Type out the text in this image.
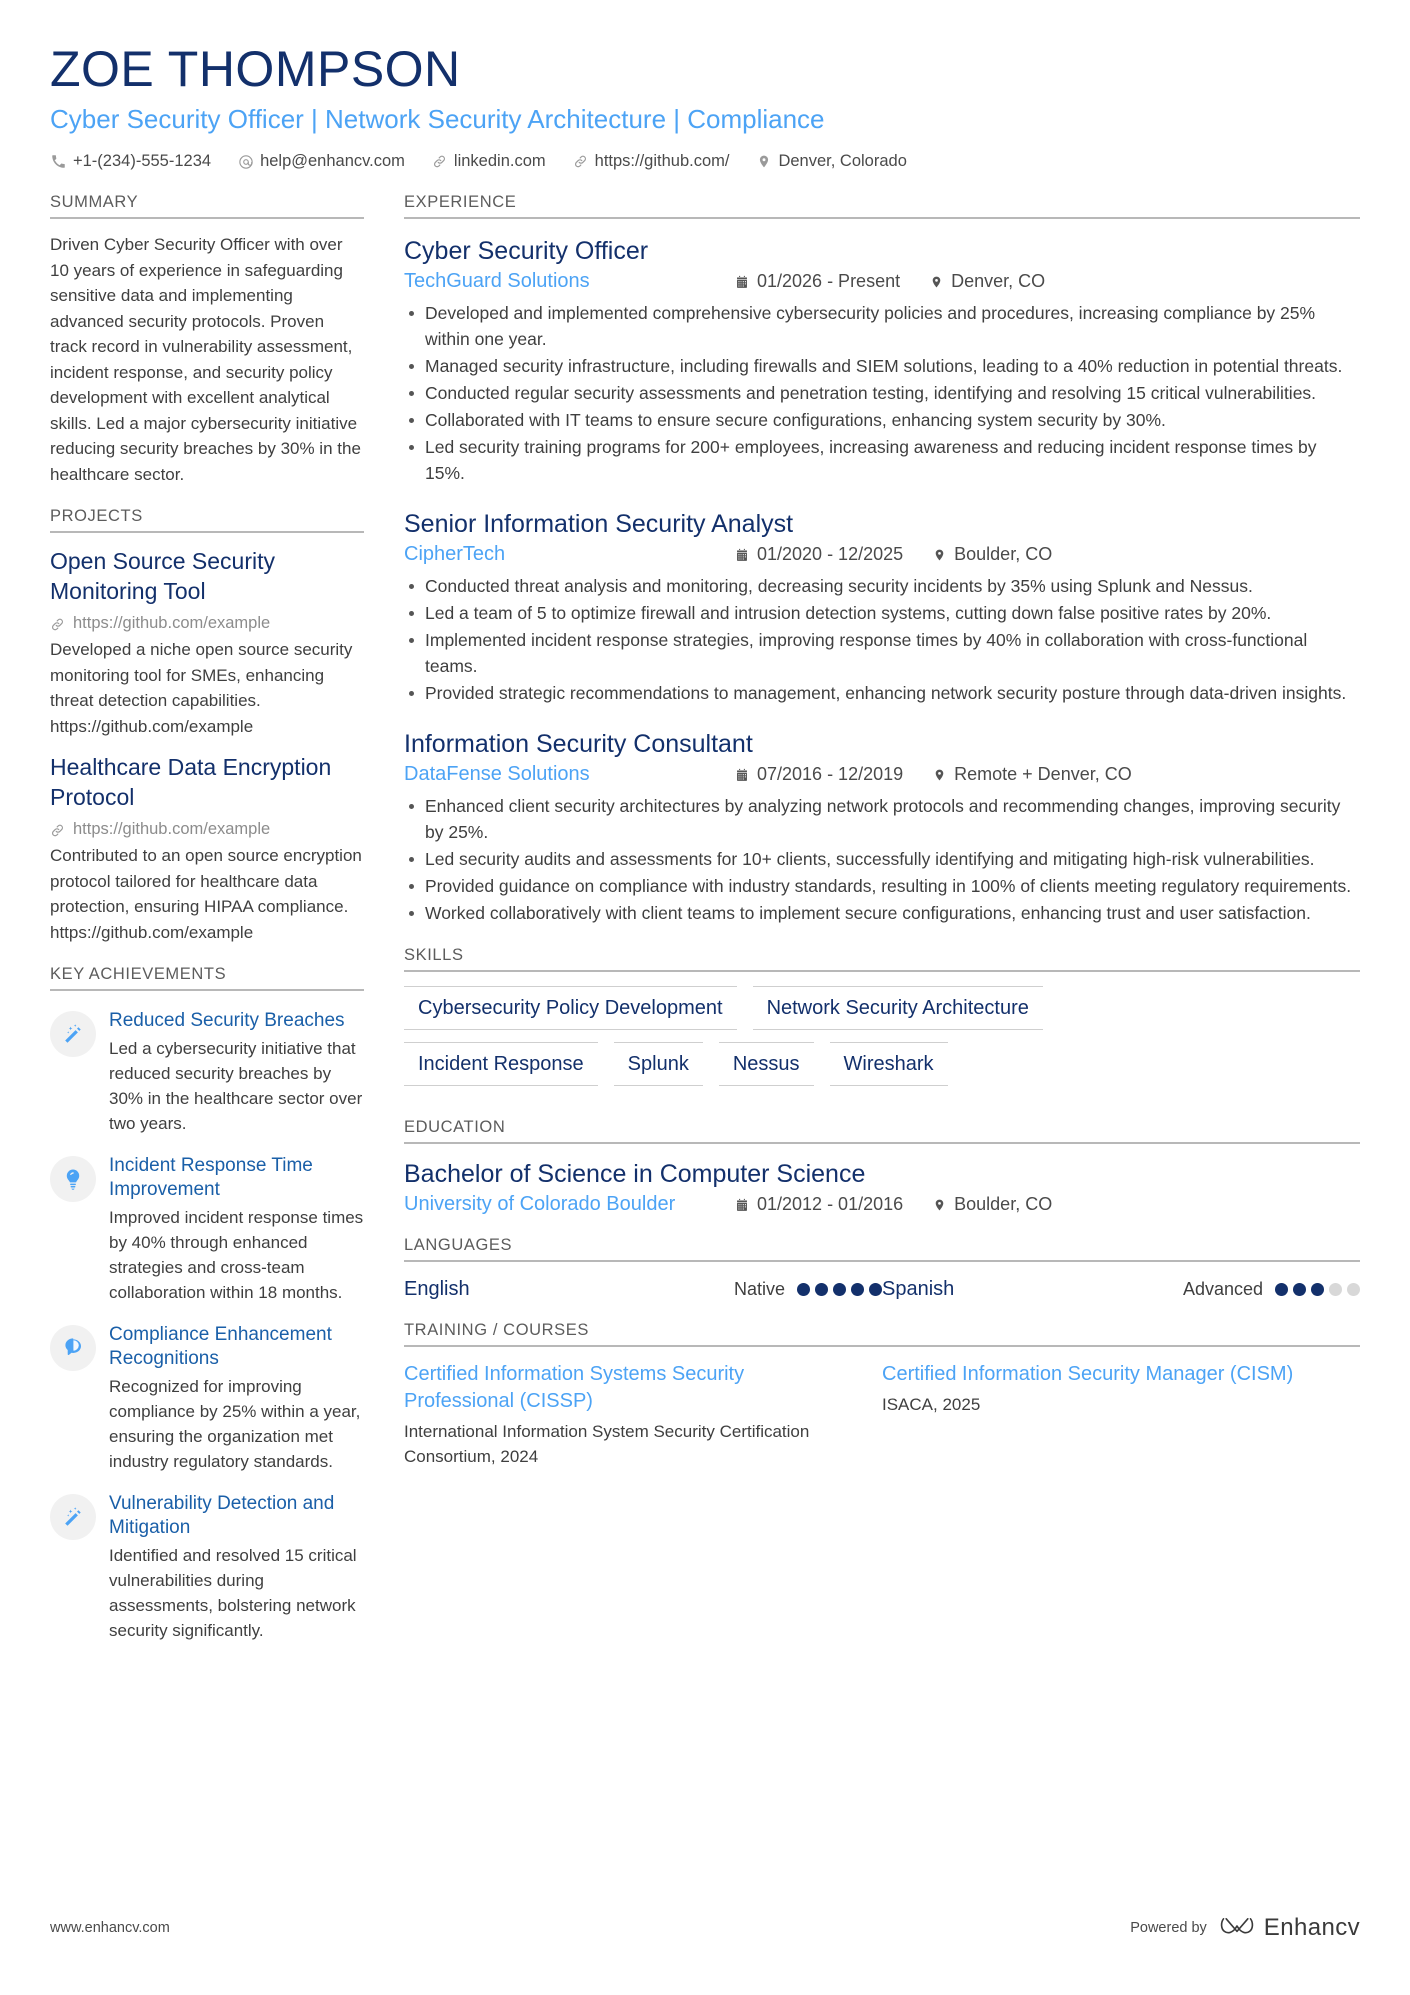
ZOE THOMPSON
Cyber Security Officer | Network Security Architecture | Compliance
+1-(234)-555-1234	help@enhancv.com	linkedin.com	https://github.com/	Denver, Colorado
SUMMARY
Driven Cyber Security Officer with over 10 years of experience in safeguarding sensitive data and implementing advanced security protocols. Proven track record in vulnerability assessment, incident response, and security policy development with excellent analytical skills. Led a major cybersecurity initiative reducing security breaches by 30% in the healthcare sector.
PROJECTS
Open Source Security Monitoring Tool
https://github.com/example
Developed a niche open source security monitoring tool for SMEs, enhancing threat detection capabilities. https://github.com/example
Healthcare Data Encryption Protocol
https://github.com/example
Contributed to an open source encryption protocol tailored for healthcare data protection, ensuring HIPAA compliance. https://github.com/example
KEY ACHIEVEMENTS
Reduced Security Breaches
Led a cybersecurity initiative that reduced security breaches by 30% in the healthcare sector over two years.
Incident Response Time Improvement
Improved incident response times by 40% through enhanced strategies and cross-team collaboration within 18 months.
Compliance Enhancement Recognitions
Recognized for improving compliance by 25% within a year, ensuring the organization met industry regulatory standards.
Vulnerability Detection and Mitigation
Identified and resolved 15 critical vulnerabilities during assessments, bolstering network security significantly.
EXPERIENCE
Cyber Security Officer
TechGuard Solutions	01/2026 - Present	Denver, CO
Developed and implemented comprehensive cybersecurity policies and procedures, increasing compliance by 25% within one year.
Managed security infrastructure, including firewalls and SIEM solutions, leading to a 40% reduction in potential threats.
Conducted regular security assessments and penetration testing, identifying and resolving 15 critical vulnerabilities.
Collaborated with IT teams to ensure secure configurations, enhancing system security by 30%.
Led security training programs for 200+ employees, increasing awareness and reducing incident response times by 15%.
Senior Information Security Analyst
CipherTech	01/2020 - 12/2025	Boulder, CO
Conducted threat analysis and monitoring, decreasing security incidents by 35% using Splunk and Nessus.
Led a team of 5 to optimize firewall and intrusion detection systems, cutting down false positive rates by 20%.
Implemented incident response strategies, improving response times by 40% in collaboration with cross-functional teams.
Provided strategic recommendations to management, enhancing network security posture through data-driven insights.
Information Security Consultant
DataFense Solutions	07/2016 - 12/2019	Remote + Denver, CO
Enhanced client security architectures by analyzing network protocols and recommending changes, improving security by 25%.
Led security audits and assessments for 10+ clients, successfully identifying and mitigating high-risk vulnerabilities.
Provided guidance on compliance with industry standards, resulting in 100% of clients meeting regulatory requirements.
Worked collaboratively with client teams to implement secure configurations, enhancing trust and user satisfaction.
SKILLS
Cybersecurity Policy Development	Network Security Architecture
Incident Response	Splunk	Nessus	Wireshark
EDUCATION
Bachelor of Science in Computer Science
University of Colorado Boulder	01/2012 - 01/2016	Boulder, CO
LANGUAGES
English	Native	Spanish	Advanced
TRAINING / COURSES
Certified Information Systems Security Professional (CISSP)
International Information System Security Certification Consortium, 2024
Certified Information Security Manager (CISM)
ISACA, 2025
www.enhancv.com	Powered by Enhancv
